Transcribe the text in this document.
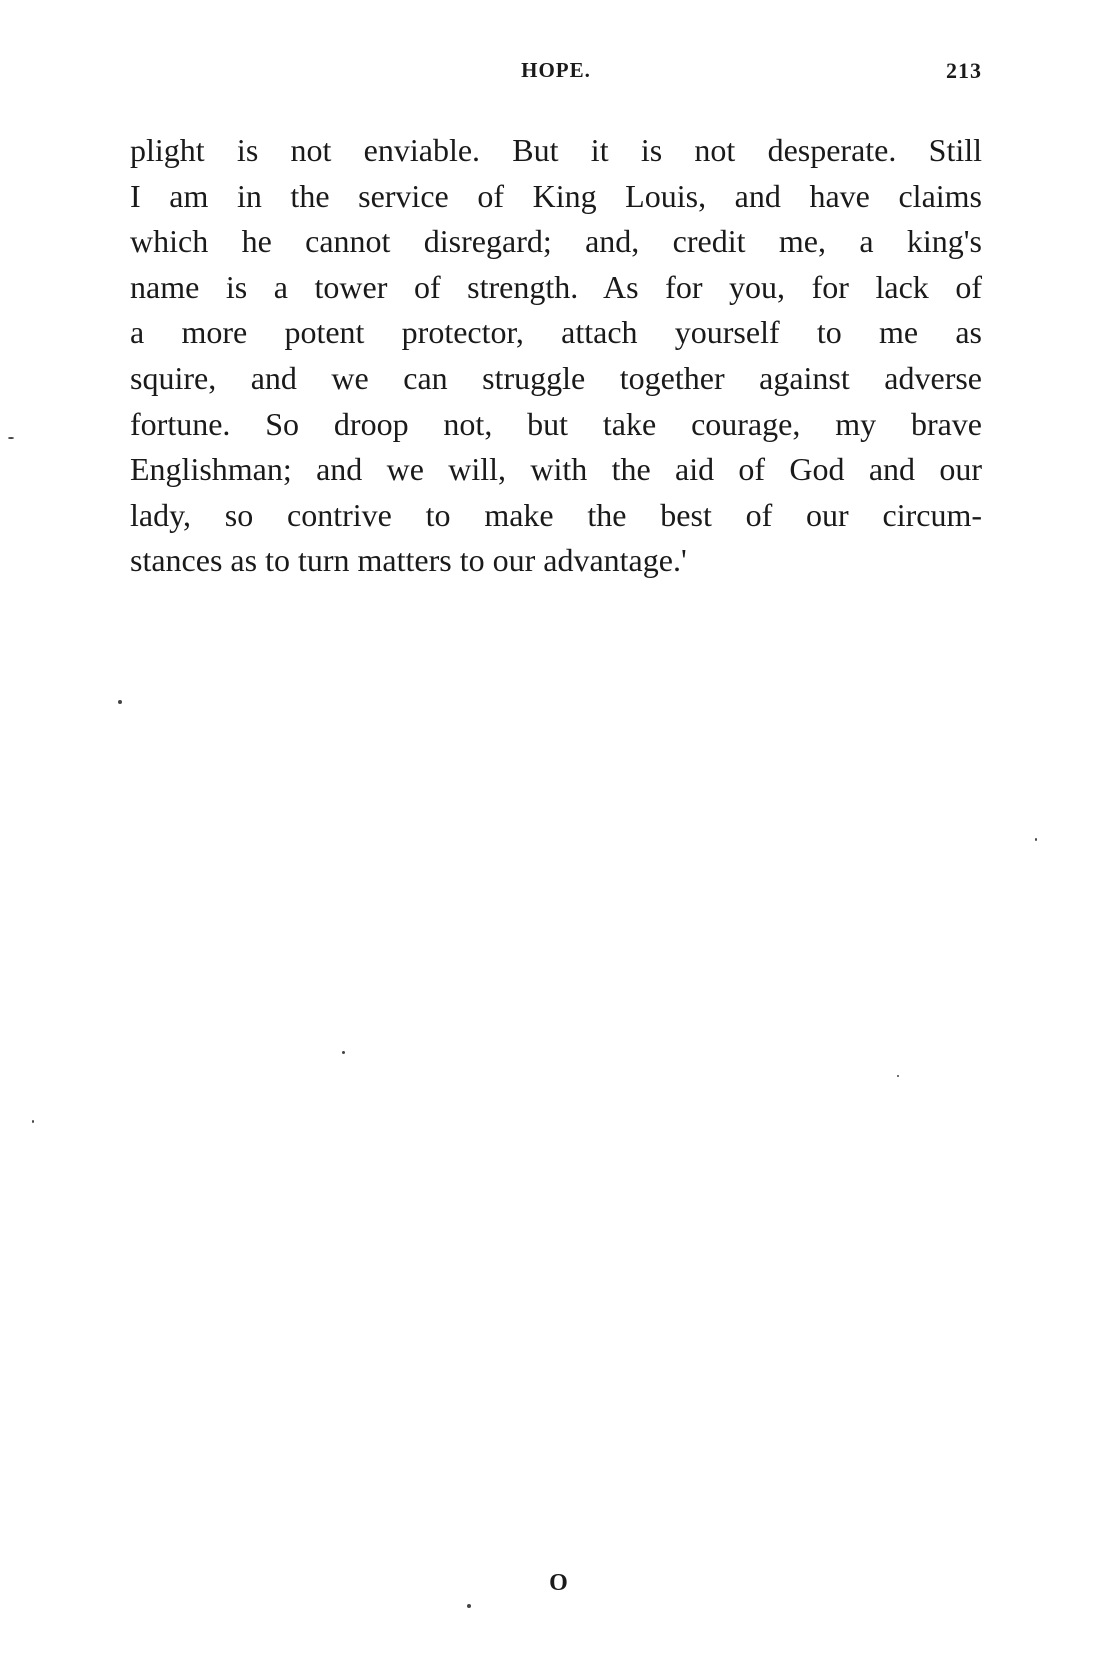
HOPE.	213
plight is not enviable. But it is not desperate. Still
I am in the service of King Louis, and have claims
which he cannot disregard; and, credit me, a king's
name is a tower of strength. As for you, for lack of
a more potent protector, attach yourself to me as
squire, and we can struggle together against adverse
fortune. So droop not, but take courage, my brave
Englishman; and we will, with the aid of God and our
lady, so contrive to make the best of our circum-
stances as to turn matters to our advantage.'
O
